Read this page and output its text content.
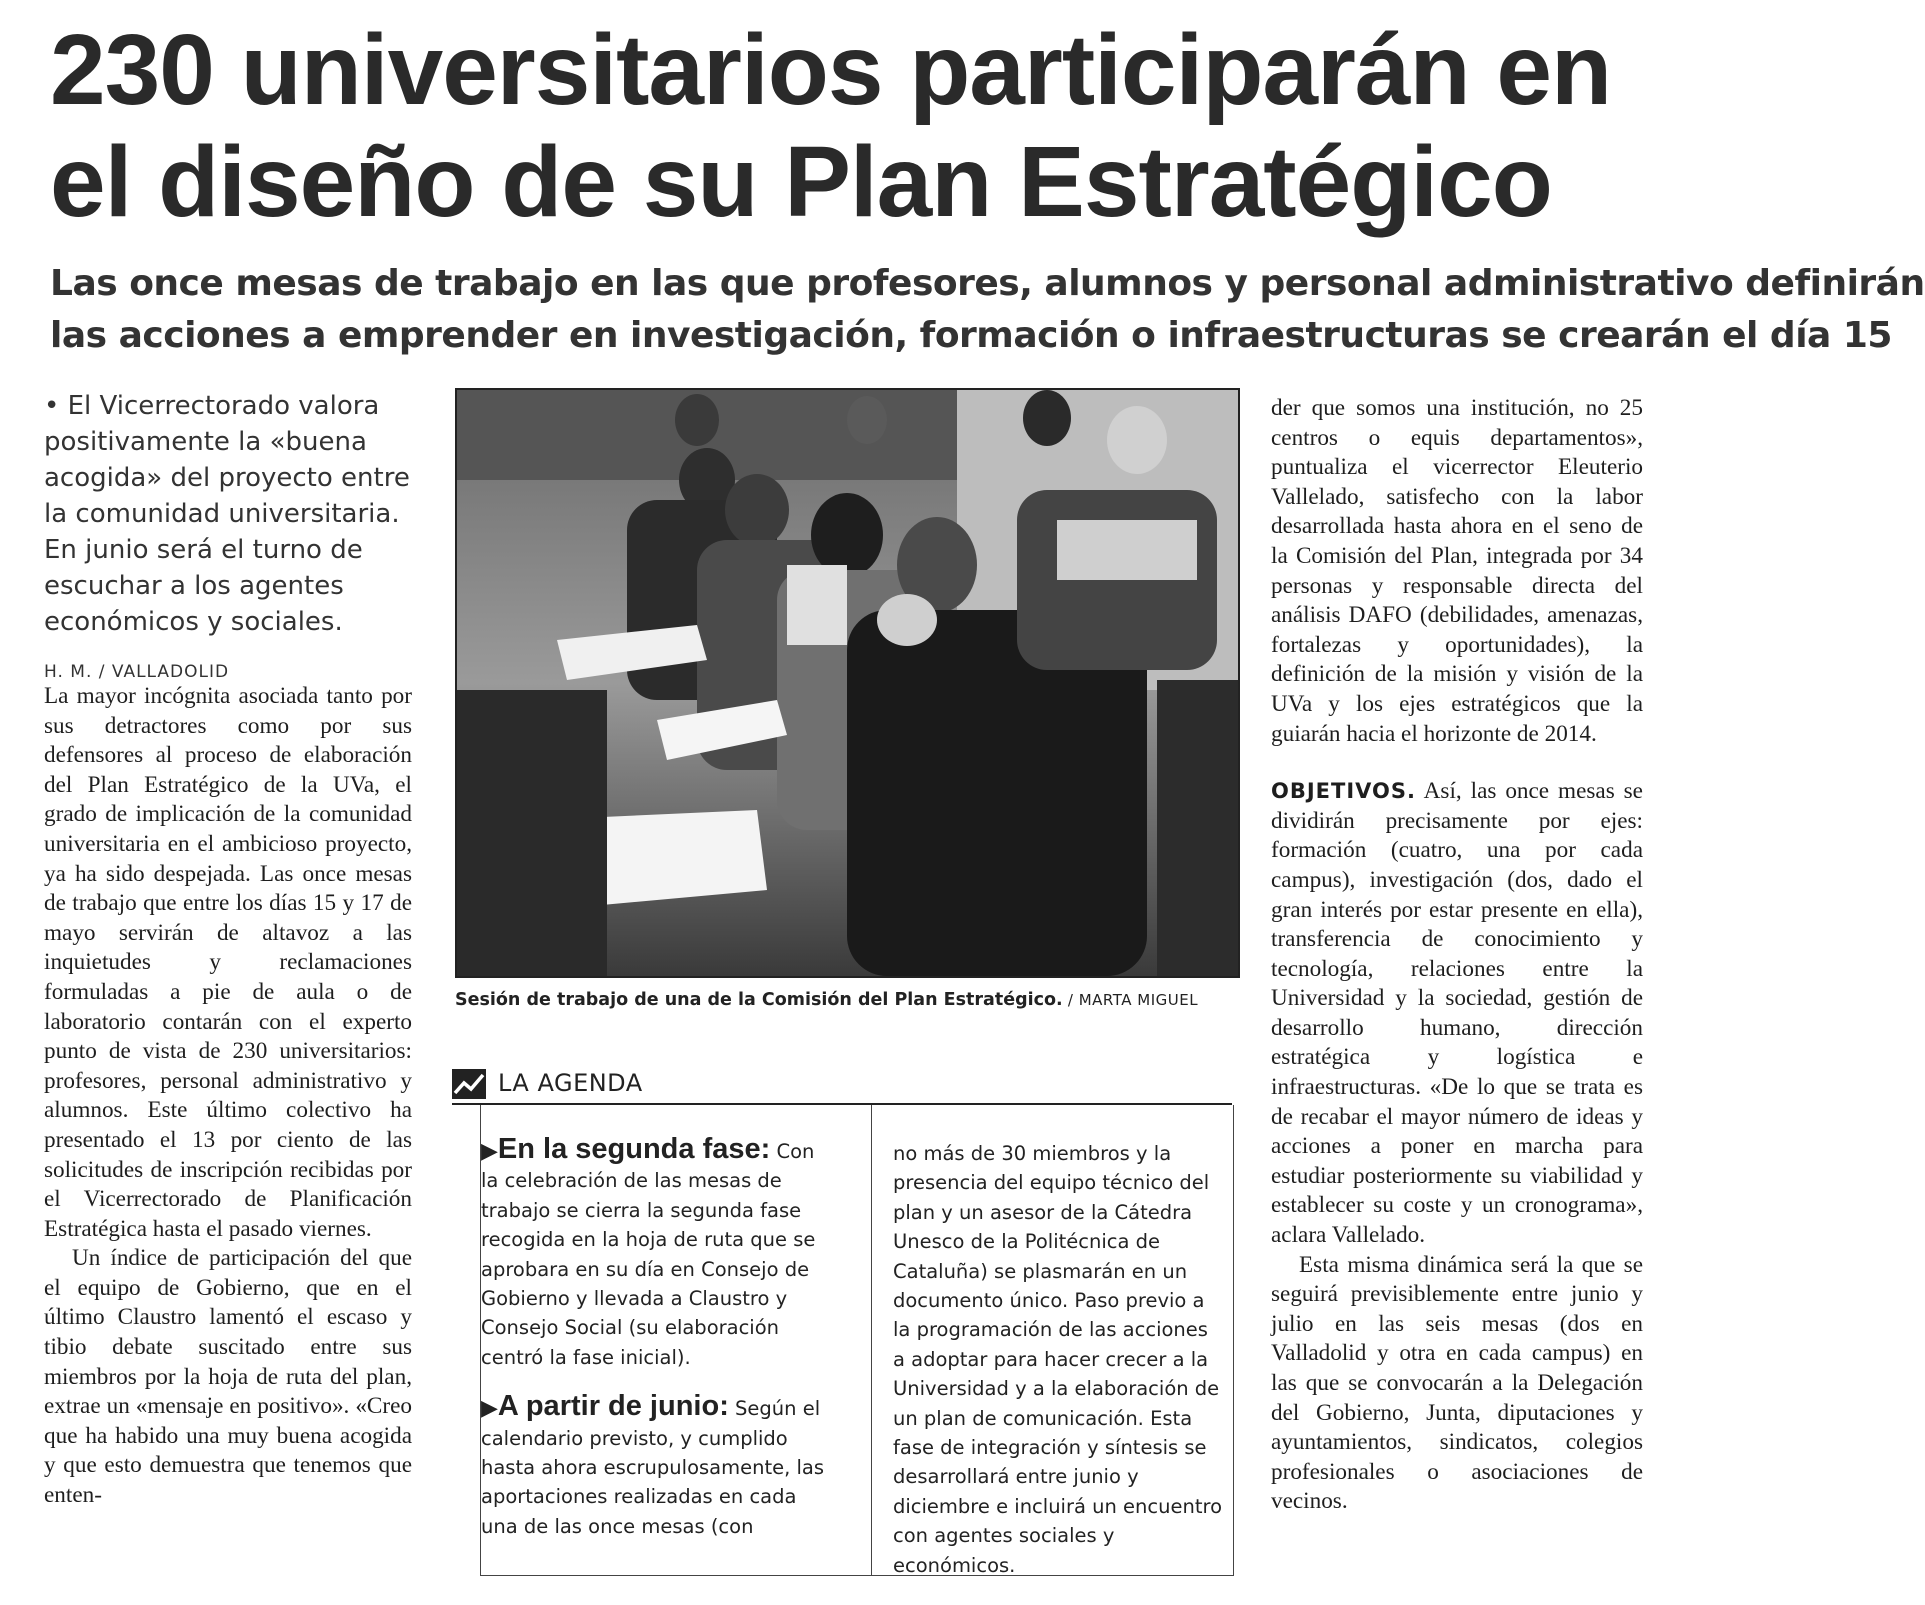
230 universitarios participarán en
el diseño de su Plan Estratégico
Las once mesas de trabajo en las que profesores, alumnos y personal administrativo definirán
las acciones a emprender en investigación, formación o infraestructuras se crearán el día 15

• El Vicerrectorado valora positivamente la «buena acogida» del proyecto entre la comunidad universitaria. En junio será el turno de escuchar a los agentes económicos y sociales.

H. M. / VALLADOLID

La mayor incógnita asociada tanto por sus detractores como por sus defensores al proceso de elaboración del Plan Estratégico de la UVa, el grado de implicación de la comunidad universitaria en el ambicioso proyecto, ya ha sido despejada. Las once mesas de trabajo que entre los días 15 y 17 de mayo servirán de altavoz a las inquietudes y reclamaciones formuladas a pie de aula o de laboratorio contarán con el experto punto de vista de 230 universitarios: profesores, personal administrativo y alumnos. Este último colectivo ha presentado el 13 por ciento de las solicitudes de inscripción recibidas por el Vicerrectorado de Planificación Estratégica hasta el pasado viernes.

Un índice de participación del que el equipo de Gobierno, que en el último Claustro lamentó el escaso y tibio debate suscitado entre sus miembros por la hoja de ruta del plan, extrae un «mensaje en positivo». «Creo que ha habido una muy buena acogida y que esto demuestra que tenemos que enten-

Sesión de trabajo de una de la Comisión del Plan Estratégico. / MARTA MIGUEL

LA AGENDA

▶En la segunda fase: Con la celebración de las mesas de trabajo se cierra la segunda fase recogida en la hoja de ruta que se aprobara en su día en Consejo de Gobierno y llevada a Claustro y Consejo Social (su elaboración centró la fase inicial).

▶A partir de junio: Según el calendario previsto, y cumplido hasta ahora escrupulosamente, las aportaciones realizadas en cada una de las once mesas (con

no más de 30 miembros y la presencia del equipo técnico del plan y un asesor de la Cátedra Unesco de la Politécnica de Cataluña) se plasmarán en un documento único. Paso previo a la programación de las acciones a adoptar para hacer crecer a la Universidad y a la elaboración de un plan de comunicación. Esta fase de integración y síntesis se desarrollará entre junio y diciembre e incluirá un encuentro con agentes sociales y económicos.

der que somos una institución, no 25 centros o equis departamentos», puntualiza el vicerrector Eleuterio Vallelado, satisfecho con la labor desarrollada hasta ahora en el seno de la Comisión del Plan, integrada por 34 personas y responsable directa del análisis DAFO (debilidades, amenazas, fortalezas y oportunidades), la definición de la misión y visión de la UVa y los ejes estratégicos que la guiarán hacia el horizonte de 2014.

OBJETIVOS. Así, las once mesas se dividirán precisamente por ejes: formación (cuatro, una por cada campus), investigación (dos, dado el gran interés por estar presente en ella), transferencia de conocimiento y tecnología, relaciones entre la Universidad y la sociedad, gestión de desarrollo humano, dirección estratégica y logística e infraestructuras. «De lo que se trata es de recabar el mayor número de ideas y acciones a poner en marcha para estudiar posteriormente su viabilidad y establecer su coste y un cronograma», aclara Vallelado.

Esta misma dinámica será la que se seguirá previsiblemente entre junio y julio en las seis mesas (dos en Valladolid y otra en cada campus) en las que se convocarán a la Delegación del Gobierno, Junta, diputaciones y ayuntamientos, sindicatos, colegios profesionales o asociaciones de vecinos.
